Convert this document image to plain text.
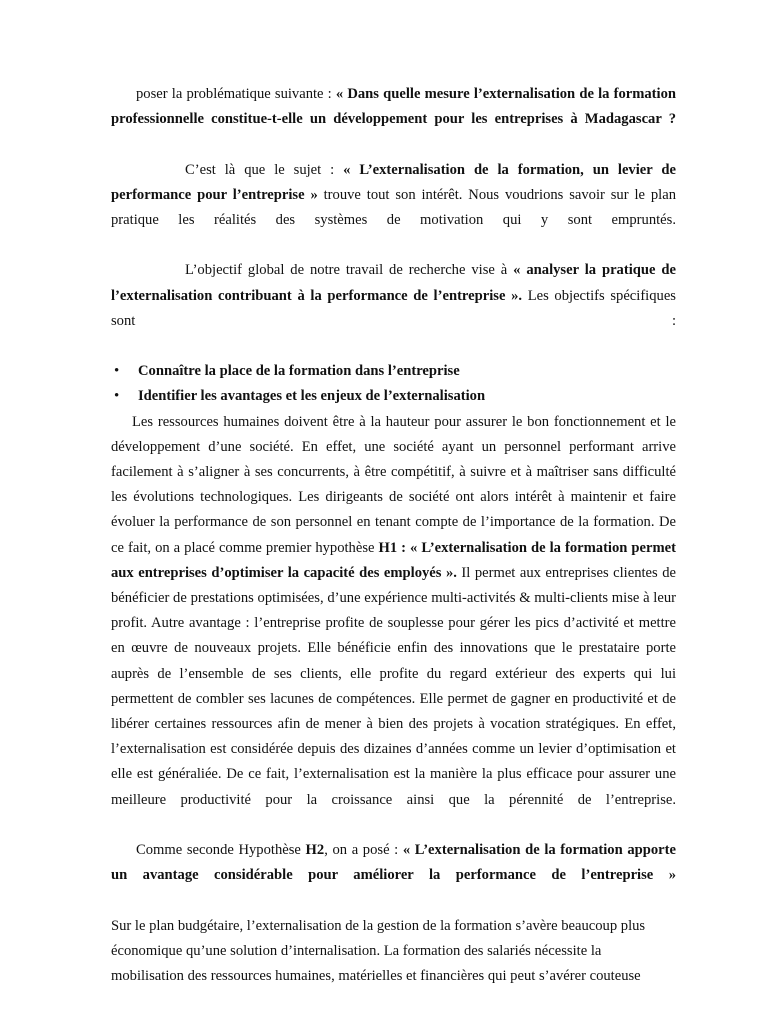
poser la problématique suivante : « Dans quelle mesure l’externalisation de la formation professionnelle constitue-t-elle un développement pour les entreprises à Madagascar ?

C’est là que le sujet : « L’externalisation de la formation, un levier de performance pour l’entreprise » trouve tout son intérêt. Nous voudrions savoir sur le plan pratique les réalités des systèmes de motivation qui y sont empruntés.

L’objectif global de notre travail de recherche vise à « analyser la pratique de l’externalisation contribuant à la performance de l’entreprise ». Les objectifs spécifiques sont :

• Connaître la place de la formation dans l’entreprise

• Identifier les avantages et les enjeux de l’externalisation

Les ressources humaines doivent être à la hauteur pour assurer le bon fonctionnement et le développement d’une société. En effet, une société ayant un personnel performant arrive facilement à s’aligner à ses concurrents, à être compétitif, à suivre et à maîtriser sans difficulté les évolutions technologiques. Les dirigeants de société ont alors intérêt à maintenir et faire évoluer la performance de son personnel en tenant compte de l’importance de la formation. De ce fait, on a placé comme premier hypothèse H1 : « L’externalisation de la formation permet aux entreprises d’optimiser la capacité des employés ». Il permet aux entreprises clientes de bénéficier de prestations optimisées, d’une expérience multi-activités & multi-clients mise à leur profit. Autre avantage : l’entreprise profite de souplesse pour gérer les pics d’activité et mettre en œuvre de nouveaux projets. Elle bénéficie enfin des innovations que le prestataire porte auprès de l’ensemble de ses clients, elle profite du regard extérieur des experts qui lui permettent de combler ses lacunes de compétences. Elle permet de gagner en productivité et de libérer certaines ressources afin de mener à bien des projets à vocation stratégiques. En effet, l’externalisation est considérée depuis des dizaines d’années comme un levier d’optimisation et elle est généraliée. De ce fait, l’externalisation est la manière la plus efficace pour assurer une meilleure productivité pour la croissance ainsi que la pérennité de l’entreprise.

Comme seconde Hypothèse H2, on a posé : « L’externalisation de la formation apporte un avantage considérable pour améliorer la performance de l’entreprise »

Sur le plan budgétaire, l’externalisation de la gestion de la formation s’avère beaucoup plus

économique qu’une solution d’internalisation. La formation des salariés nécessite la

mobilisation des ressources humaines, matérielles et financières qui peut s’avérer couteuse
